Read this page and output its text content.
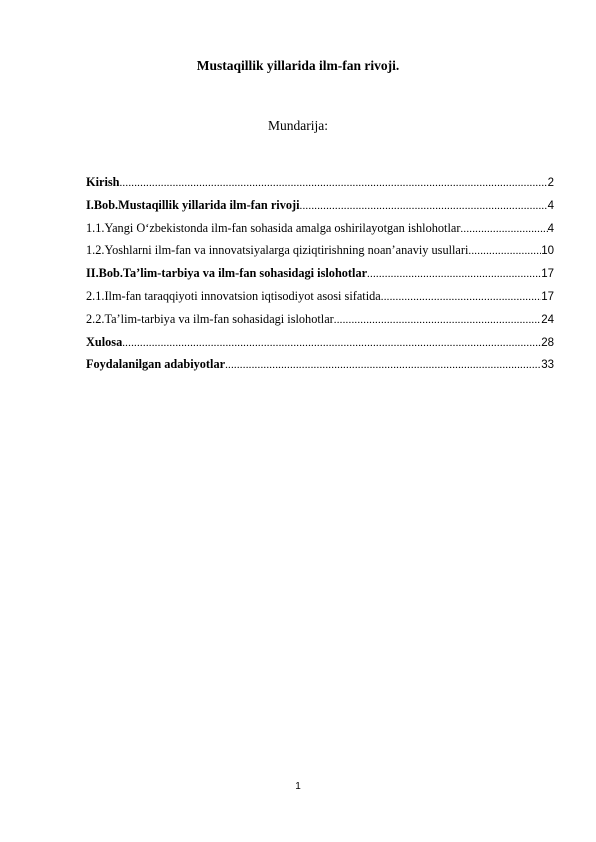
Mustaqillik yillarida ilm-fan rivoji.
Mundarija:
Kirish .....	2
I.Bob.Mustaqillik yillarida ilm-fan rivoji .....	4
1.1.Yangi O‘zbekistonda ilm-fan sohasida amalga oshirilayotgan ishlohotlar .....	4
1.2.Yoshlarni ilm-fan va innovatsiyalarga qiziqtirishning noan’anaviy usullari .....	10
II.Bob.Ta’lim-tarbiya va ilm-fan sohasidagi islohotlar .....	17
2.1.Ilm-fan taraqqiyoti innovatsion iqtisodiyot asosi sifatida .....	17
2.2.Ta’lim-tarbiya va ilm-fan sohasidagi islohotlar .....	24
Xulosa .....	28
Foydalanilgan adabiyotlar .....	33
1
